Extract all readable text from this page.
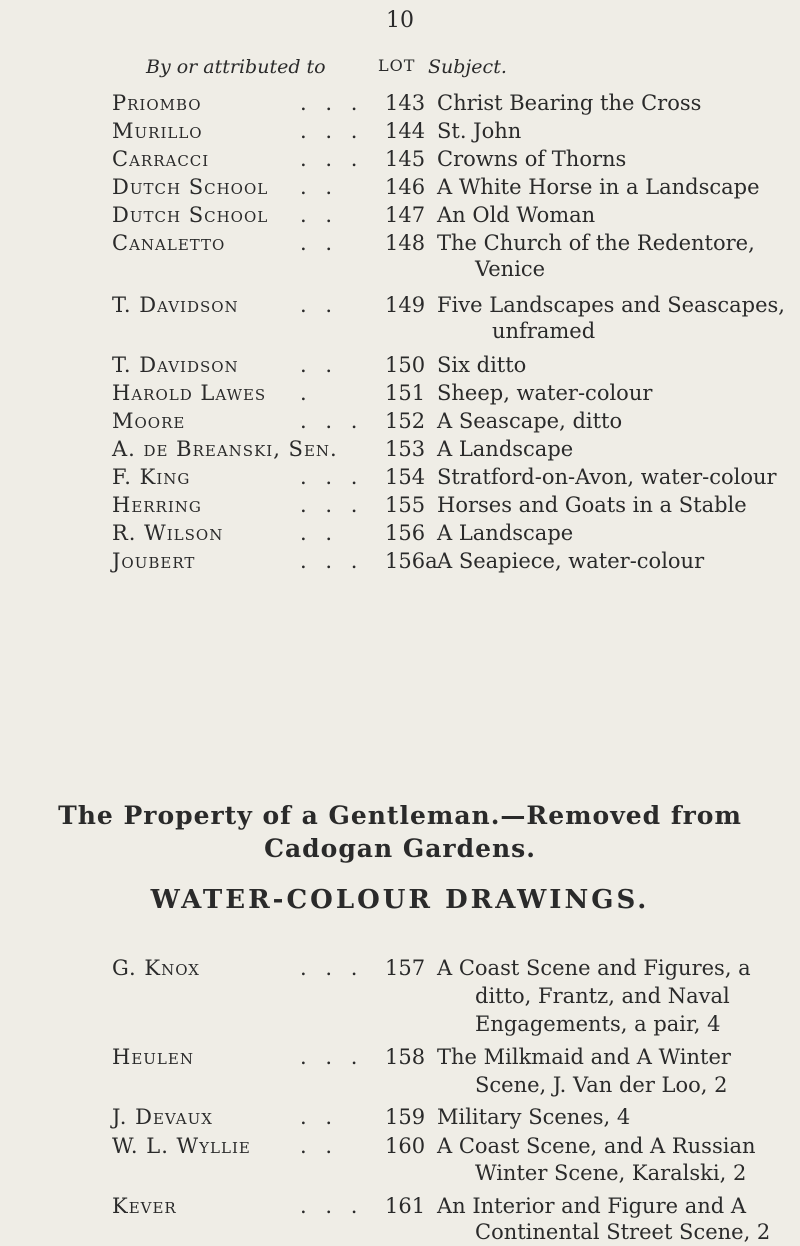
10
By or attributed to	LOT Subject.
Priombo	. . .	143 Christ Bearing the Cross
Murillo	. . .	144 St. John
Carracci	. . .	145 Crowns of Thorns
Dutch School . .	146 A White Horse in a Landscape
Dutch School . .	147 An Old Woman
Canaletto	. .	148 The Church of the Redentore,
Venice
T. Davidson	. .	149 Five Landscapes and Seascapes,
unframed
T. Davidson	. .	150 Six ditto
Harold Lawes .	151 Sheep, water-colour
Moore	. . .	152 A Seascape, ditto
A. de Breanski, Sen. 153 A Landscape
F. King	. . .	154 Stratford-on-Avon, water-colour
Herring	. . .	155 Horses and Goats in a Stable
R. Wilson	. .	156 A Landscape
Joubert	. . .	156a A Seapiece, water-colour
The Property of a Gentleman.—Removed from
Cadogan Gardens.
WATER-COLOUR DRAWINGS.
G. Knox	. . .	157 A Coast Scene and Figures, a
ditto, Frantz, and Naval
Engagements, a pair, 4
Heulen	. . .	158 The Milkmaid and A Winter
Scene, J. Van der Loo, 2
J. Devaux	. .	159 Military Scenes, 4
W. L. Wyllie . .	160 A Coast Scene, and A Russian
Winter Scene, Karalski, 2
Kever	. . .	161 An Interior and Figure and A
Continental Street Scene, 2
